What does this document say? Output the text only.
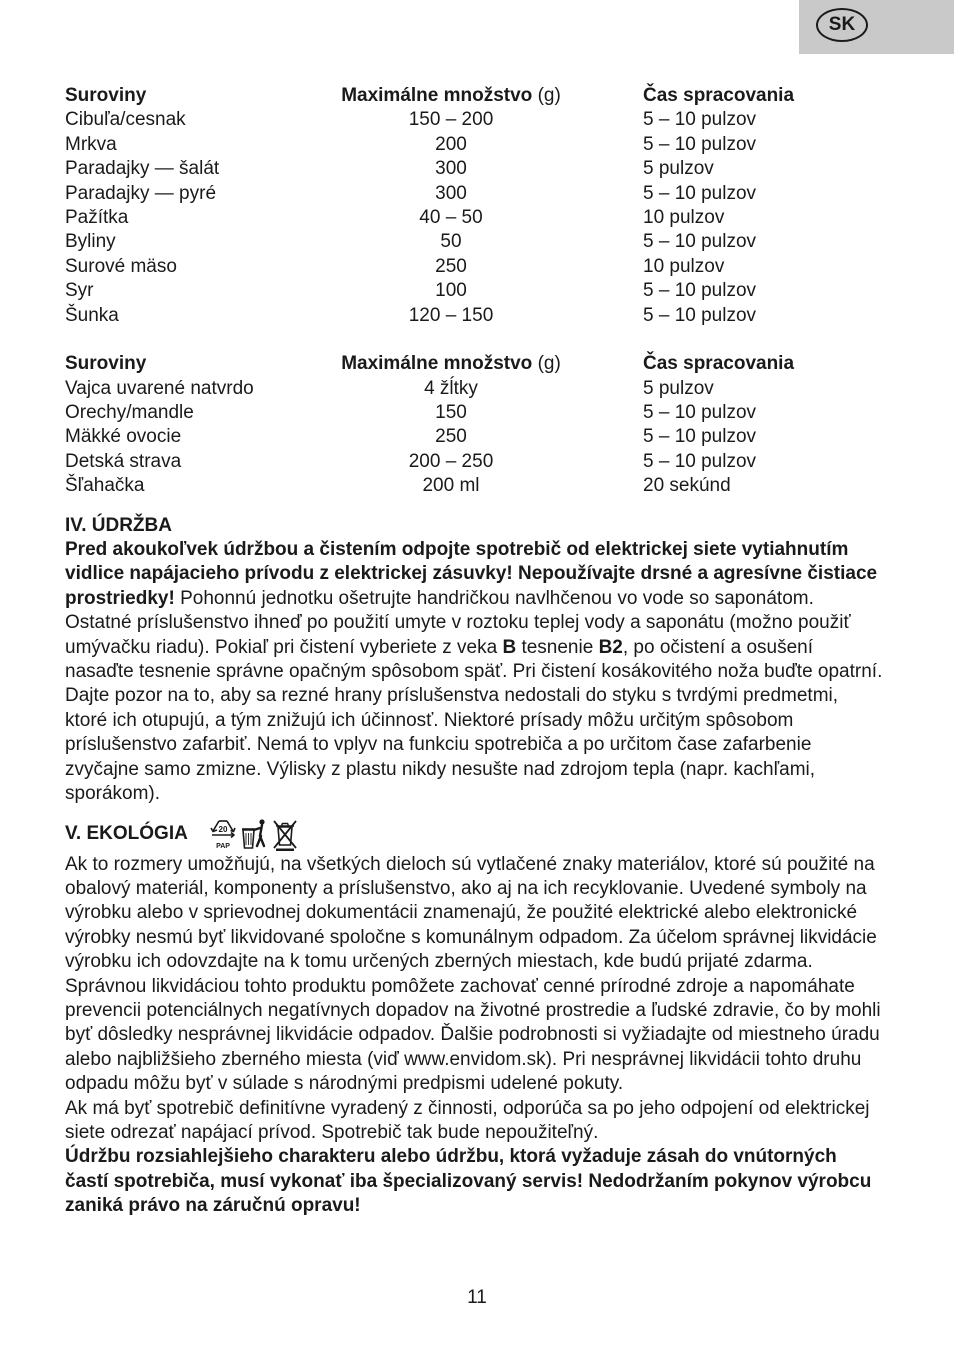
SK
Suroviny	Maximálne množstvo (g)	Čas spracovania
Cibuľa/cesnak	150 – 200	5 – 10 pulzov
Mrkva	200	5 – 10 pulzov
Paradajky — šalát	300	5 pulzov
Paradajky — pyré	300	5 – 10 pulzov
Pažítka	40 – 50	10 pulzov
Byliny	50	5 – 10 pulzov
Surové mäso	250	10 pulzov
Syr	100	5 – 10 pulzov
Šunka	120 – 150	5 – 10 pulzov
Suroviny	Maximálne množstvo (g)	Čas spracovania
Vajca uvarené natvrdo	4 žĺtky	5 pulzov
Orechy/mandle	150	5 – 10 pulzov
Mäkké ovocie	250	5 – 10 pulzov
Detská strava	200 – 250	5 – 10 pulzov
Šľahačka	200 ml	20 sekúnd
IV. ÚDRŽBA

Pred akoukoľvek údržbou a čistením odpojte spotrebič od elektrickej siete vytiahnutím vidlice napájacieho prívodu z elektrickej zásuvky! Nepoužívajte drsné a agresívne čistiace prostriedky! Pohonnú jednotku ošetrujte handričkou navlhčenou vo vode so saponátom. Ostatné príslušenstvo ihneď po použití umyte v roztoku teplej vody a saponátu (možno použiť umývačku riadu). Pokiaľ pri čistení vyberiete z veka B tesnenie B2, po očistení a osušení nasaďte tesnenie správne opačným spôsobom späť. Pri čistení kosákovitého noža buďte opatrní. Dajte pozor na to, aby sa rezné hrany príslušenstva nedostali do styku s tvrdými predmetmi, ktoré ich otupujú, a tým znižujú ich účinnosť. Niektoré prísady môžu určitým spôsobom príslušenstvo zafarbiť. Nemá to vplyv na funkciu spotrebiča a po určitom čase zafarbenie zvyčajne samo zmizne. Výlisky z plastu nikdy nesušte nad zdrojom tepla (napr. kachľami, sporákom).

V. EKOLÓGIA	20
PAP

Ak to rozmery umožňujú, na všetkých dieloch sú vytlačené znaky materiálov, ktoré sú použité na obalový materiál, komponenty a príslušenstvo, ako aj na ich recyklovanie. Uvedené symboly na výrobku alebo v sprievodnej dokumentácii znamenajú, že použité elektrické alebo elektronické výrobky nesmú byť likvidované spoločne s komunálnym odpadom. Za účelom správnej likvidácie výrobku ich odovzdajte na k tomu určených zberných miestach, kde budú prijaté zdarma. Správnou likvidáciou tohto produktu pomôžete zachovať cenné prírodné zdroje a napomáhate prevencii potenciálnych negatívnych dopadov na životné prostredie a ľudské zdravie, čo by mohli byť dôsledky nesprávnej likvidácie odpadov. Ďalšie podrobnosti si vyžiadajte od miestneho úradu alebo najbližšieho zberného miesta (viď www.envidom.sk). Pri nesprávnej likvidácii tohto druhu odpadu môžu byť v súlade s národnými predpismi udelené pokuty.

Ak má byť spotrebič definitívne vyradený z činnosti, odporúča sa po jeho odpojení od elektrickej siete odrezať napájací prívod. Spotrebič tak bude nepoužiteľný.

Údržbu rozsiahlejšieho charakteru alebo údržbu, ktorá vyžaduje zásah do vnútorných častí spotrebiča, musí vykonať iba špecializovaný servis! Nedodržaním pokynov výrobcu zaniká právo na záručnú opravu!

11
